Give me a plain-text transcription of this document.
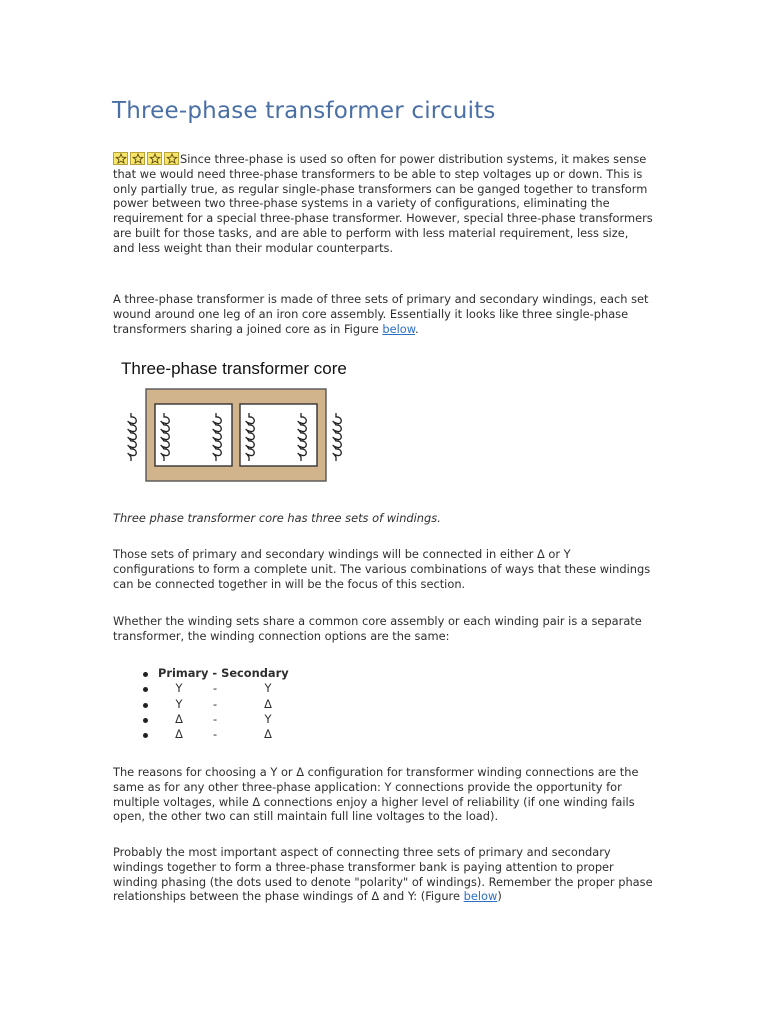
Three-phase transformer circuits

Since three-phase is used so often for power distribution systems, it makes sense that we would need three-phase transformers to be able to step voltages up or down. This is only partially true, as regular single-phase transformers can be ganged together to transform power between two three-phase systems in a variety of configurations, eliminating the requirement for a special three-phase transformer. However, special three-phase transformers are built for those tasks, and are able to perform with less material requirement, less size, and less weight than their modular counterparts.

A three-phase transformer is made of three sets of primary and secondary windings, each set wound around one leg of an iron core assembly. Essentially it looks like three single-phase transformers sharing a joined core as in Figure below.

Three-phase transformer core

Three phase transformer core has three sets of windings.

Those sets of primary and secondary windings will be connected in either Δ or Y configurations to form a complete unit. The various combinations of ways that these windings can be connected together in will be the focus of this section.

Whether the winding sets share a common core assembly or each winding pair is a separate transformer, the winding connection options are the same:

Primary - Secondary
Y	-	Y
Y	-	Δ
Δ	-	Y
Δ	-	Δ

The reasons for choosing a Y or Δ configuration for transformer winding connections are the same as for any other three-phase application: Y connections provide the opportunity for multiple voltages, while Δ connections enjoy a higher level of reliability (if one winding fails open, the other two can still maintain full line voltages to the load).

Probably the most important aspect of connecting three sets of primary and secondary windings together to form a three-phase transformer bank is paying attention to proper winding phasing (the dots used to denote "polarity" of windings). Remember the proper phase relationships between the phase windings of Δ and Y: (Figure below)
